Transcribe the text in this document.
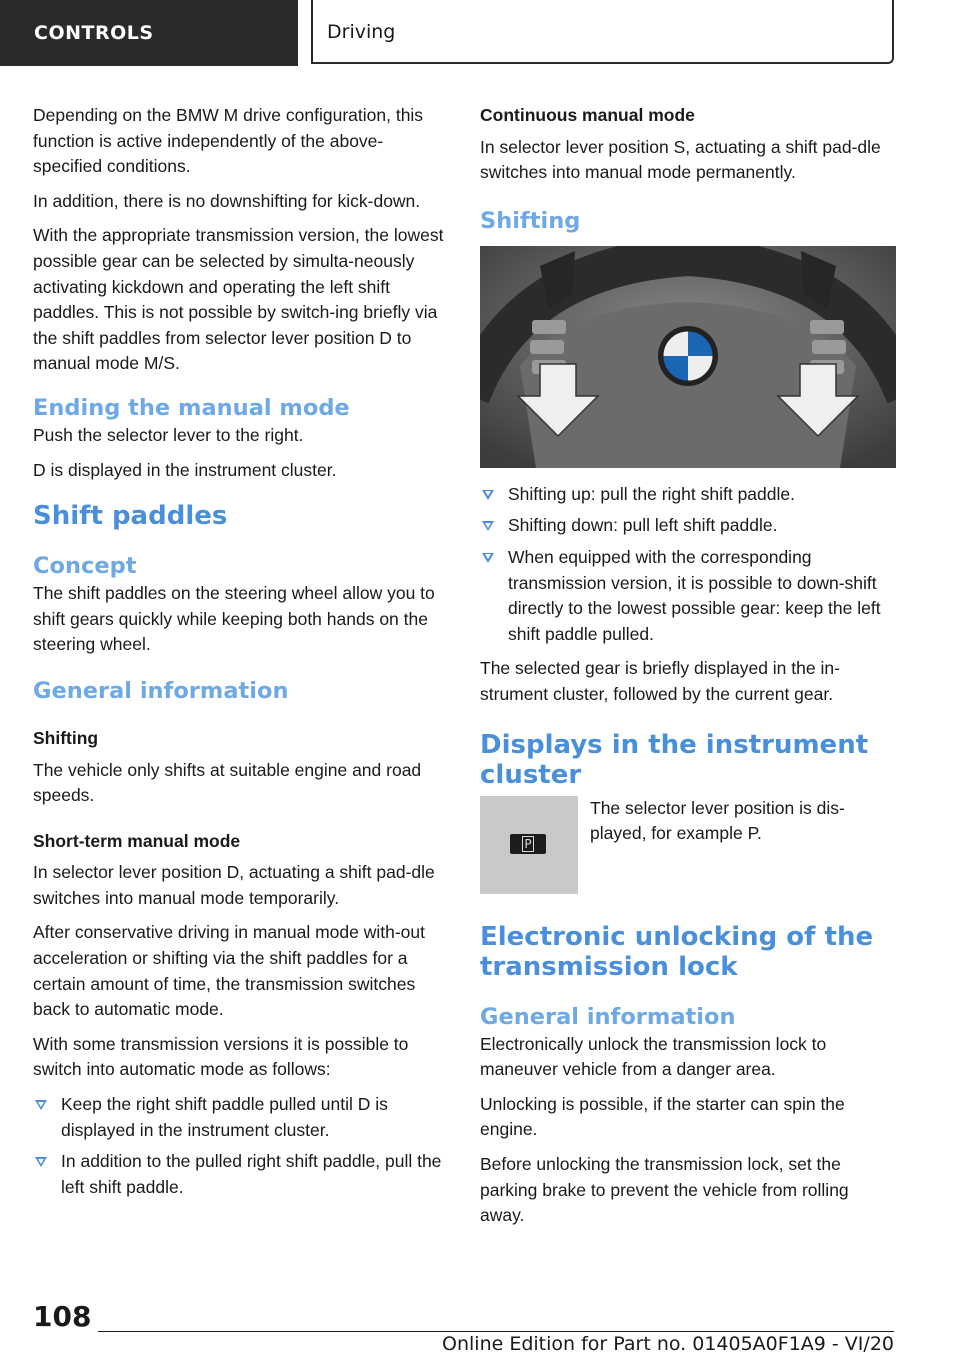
CONTROLS	Driving

Depending on the BMW M drive configuration, this function is active independently of the above-specified conditions.

In addition, there is no downshifting for kick-down.

With the appropriate transmission version, the lowest possible gear can be selected by simulta-neously activating kickdown and operating the left shift paddles. This is not possible by switch-ing briefly via the shift paddles from selector lever position D to manual mode M/S.

Ending the manual mode

Push the selector lever to the right.

D is displayed in the instrument cluster.

Shift paddles
Concept

The shift paddles on the steering wheel allow you to shift gears quickly while keeping both hands on the steering wheel.

General information
Shifting

The vehicle only shifts at suitable engine and road speeds.

Short-term manual mode

In selector lever position D, actuating a shift pad-dle switches into manual mode temporarily.

After conservative driving in manual mode with-out acceleration or shifting via the shift paddles for a certain amount of time, the transmission switches back to automatic mode.

With some transmission versions it is possible to switch into automatic mode as follows:

Keep the right shift paddle pulled until D is displayed in the instrument cluster.
In addition to the pulled right shift paddle, pull the left shift paddle.
Continuous manual mode

In selector lever position S, actuating a shift pad-dle switches into manual mode permanently.

Shifting
Shifting up: pull the right shift paddle.
Shifting down: pull left shift paddle.
When equipped with the corresponding transmission version, it is possible to down-shift directly to the lowest possible gear: keep the left shift paddle pulled.

The selected gear is briefly displayed in the in-strument cluster, followed by the current gear.

Displays in the instrument cluster
P

The selector lever position is dis-played, for example P.

Electronic unlocking of the transmission lock
General information

Electronically unlock the transmission lock to maneuver vehicle from a danger area.

Unlocking is possible, if the starter can spin the engine.

Before unlocking the transmission lock, set the parking brake to prevent the vehicle from rolling away.

108
Online Edition for Part no. 01405A0F1A9 - VI/20
